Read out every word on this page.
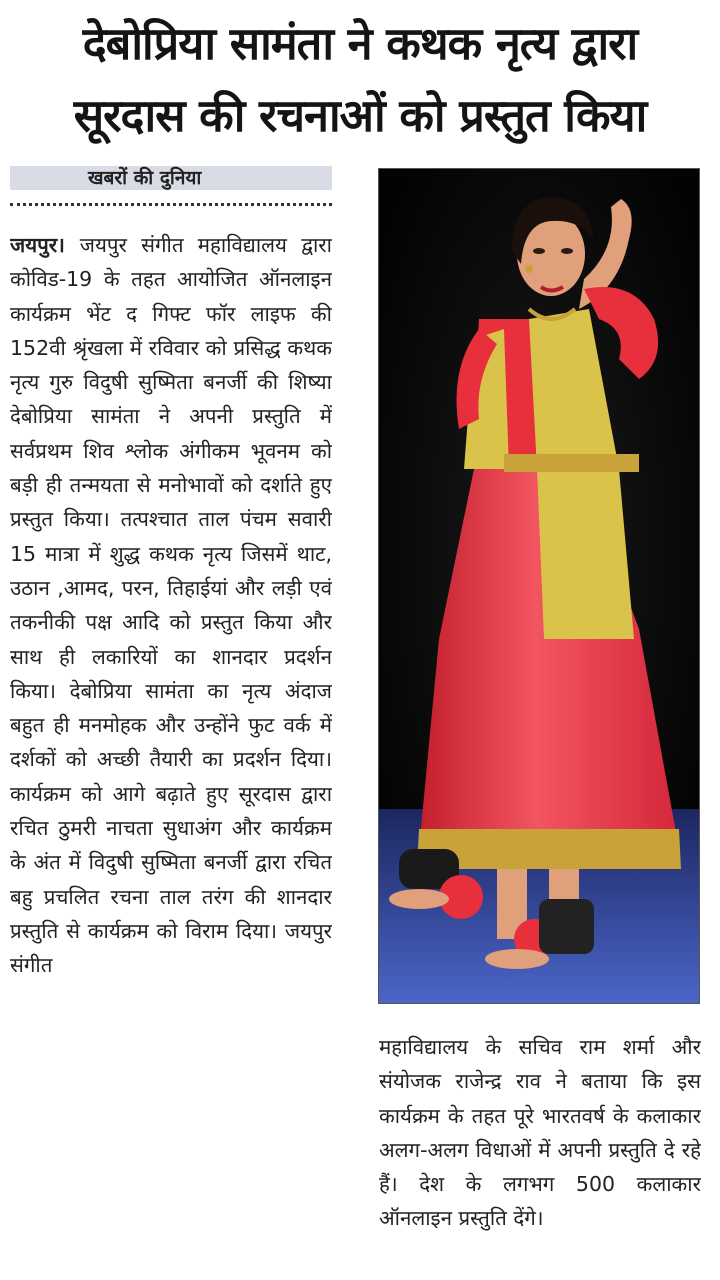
देबोप्रिया सामंता ने कथक नृत्य द्वारा
सूरदास की रचनाओं को प्रस्तुत किया
खबरों की दुनिया
जयपुर। जयपुर संगीत महाविद्यालय द्वारा कोविड-19 के तहत आयोजित ऑनलाइन कार्यक्रम भेंट द गिफ्ट फॉर लाइफ की 152वी श्रृंखला में रविवार को प्रसिद्ध कथक नृत्य गुरु विदुषी सुष्मिता बनर्जी की शिष्या देबोप्रिया सामंता ने अपनी प्रस्तुति में सर्वप्रथम शिव श्लोक अंगीकम भूवनम को बड़ी ही तन्मयता से मनोभावों को दर्शाते हुए प्रस्तुत किया। तत्पश्चात ताल पंचम सवारी 15 मात्रा में शुद्ध कथक नृत्य जिसमें थाट, उठान ,आमद, परन, तिहाईयां और लड़ी एवं तकनीकी पक्ष आदि को प्रस्तुत किया और साथ ही लकारियों का शानदार प्रदर्शन किया। देबोप्रिया सामंता का नृत्य अंदाज बहुत ही मनमोहक और उन्होंने फुट वर्क में दर्शकों को अच्छी तैयारी का प्रदर्शन दिया। कार्यक्रम को आगे बढ़ाते हुए सूरदास द्वारा रचित ठुमरी नाचता सुधाअंग और कार्यक्रम के अंत में विदुषी सुष्मिता बनर्जी द्वारा रचित बहु प्रचलित रचना ताल तरंग की शानदार प्रस्तुति से कार्यक्रम को विराम दिया। जयपुर संगीत
महाविद्यालय के सचिव राम शर्मा और संयोजक राजेन्द्र राव ने बताया कि इस कार्यक्रम के तहत पूरे भारतवर्ष के कलाकार अलग-अलग विधाओं में अपनी प्रस्तुति दे रहे हैं। देश के लगभग 500 कलाकार ऑनलाइन प्रस्तुति देंगे।
